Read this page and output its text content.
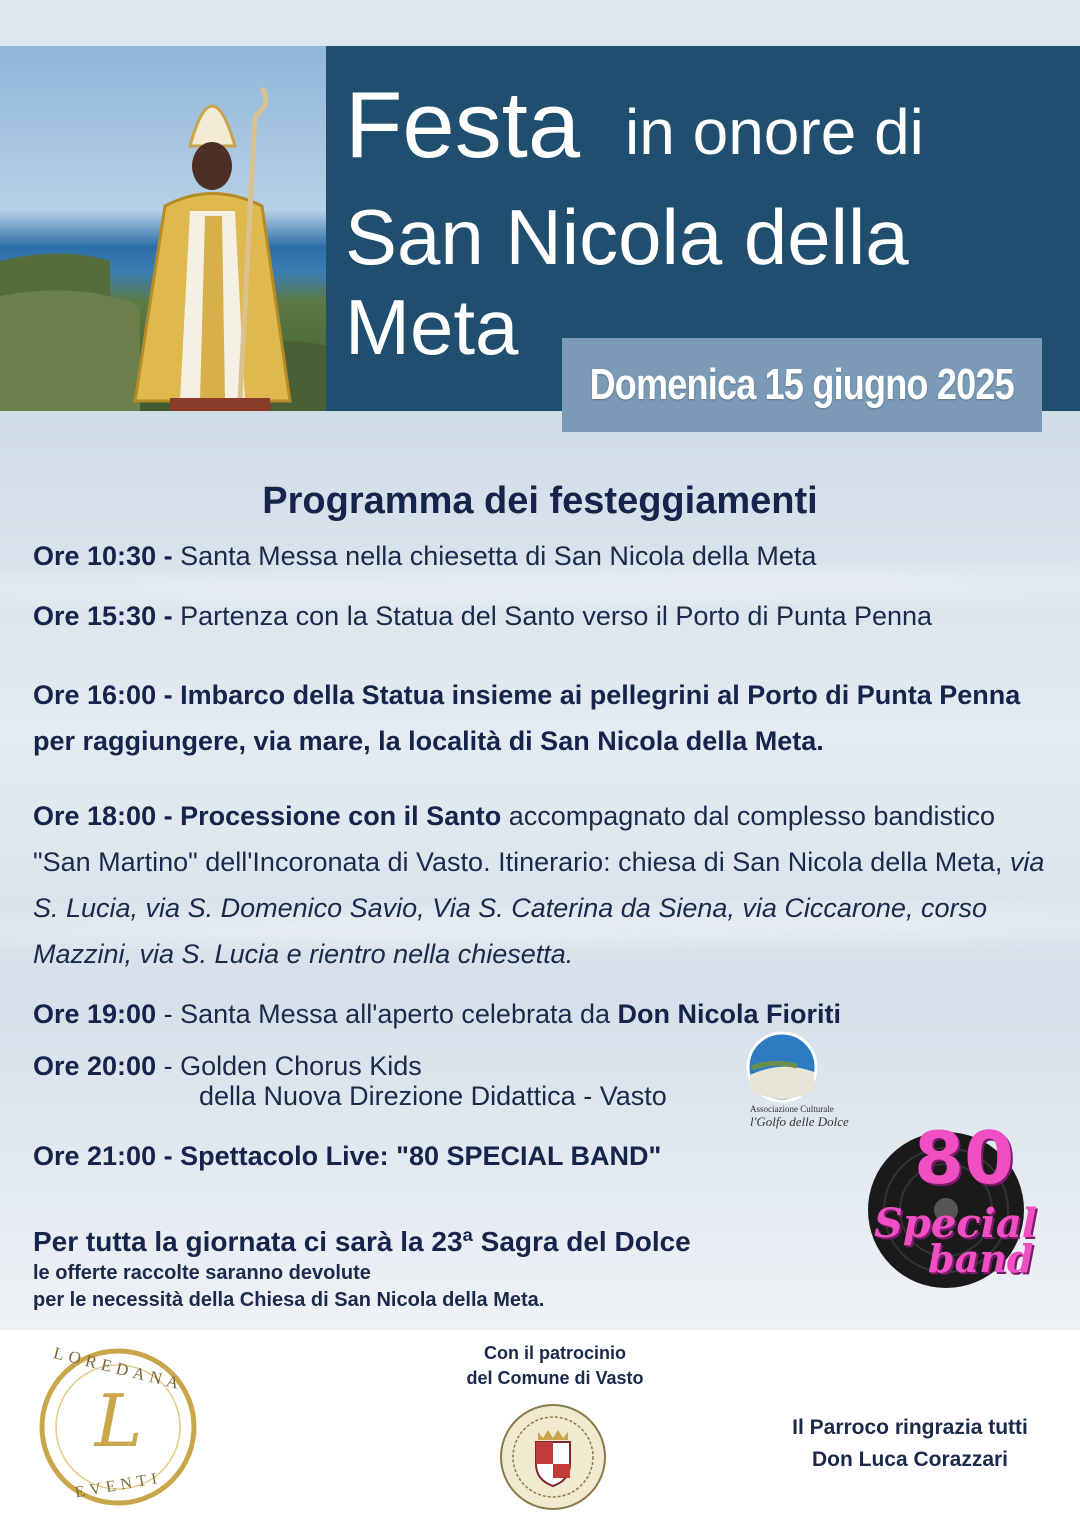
Festa in onore di
San Nicola della
Meta
Domenica 15 giugno 2025
Programma dei festeggiamenti
Ore 10:30 - Santa Messa nella chiesetta di San Nicola della Meta
Ore 15:30 - Partenza con la Statua del Santo verso il Porto di Punta Penna
Ore 16:00 - Imbarco della Statua insieme ai pellegrini al Porto di Punta Penna per raggiungere, via mare, la località di San Nicola della Meta.
Ore 18:00 - Processione con il Santo accompagnato dal complesso bandistico "San Martino" dell'Incoronata di Vasto. Itinerario: chiesa di San Nicola della Meta, via S. Lucia, via S. Domenico Savio, Via S. Caterina da Siena, via Ciccarone, corso Mazzini, via S. Lucia e rientro nella chiesetta.
Ore 19:00 - Santa Messa all'aperto celebrata da Don Nicola Fioriti
Ore 20:00 - Golden Chorus Kids
della Nuova Direzione Didattica - Vasto
Ore 21:00 - Spettacolo Live: "80 SPECIAL BAND"
Per tutta la giornata ci sarà la 23ª Sagra del Dolce
le offerte raccolte saranno devolute
per le necessità della Chiesa di San Nicola della Meta.
Associazione Culturale
l'Golfo delle Dolce 80
Special
band
LOREDANA
L
EVENTI
Con il patrocinio
del Comune di Vasto
Il Parroco ringrazia tutti
Don Luca Corazzari
